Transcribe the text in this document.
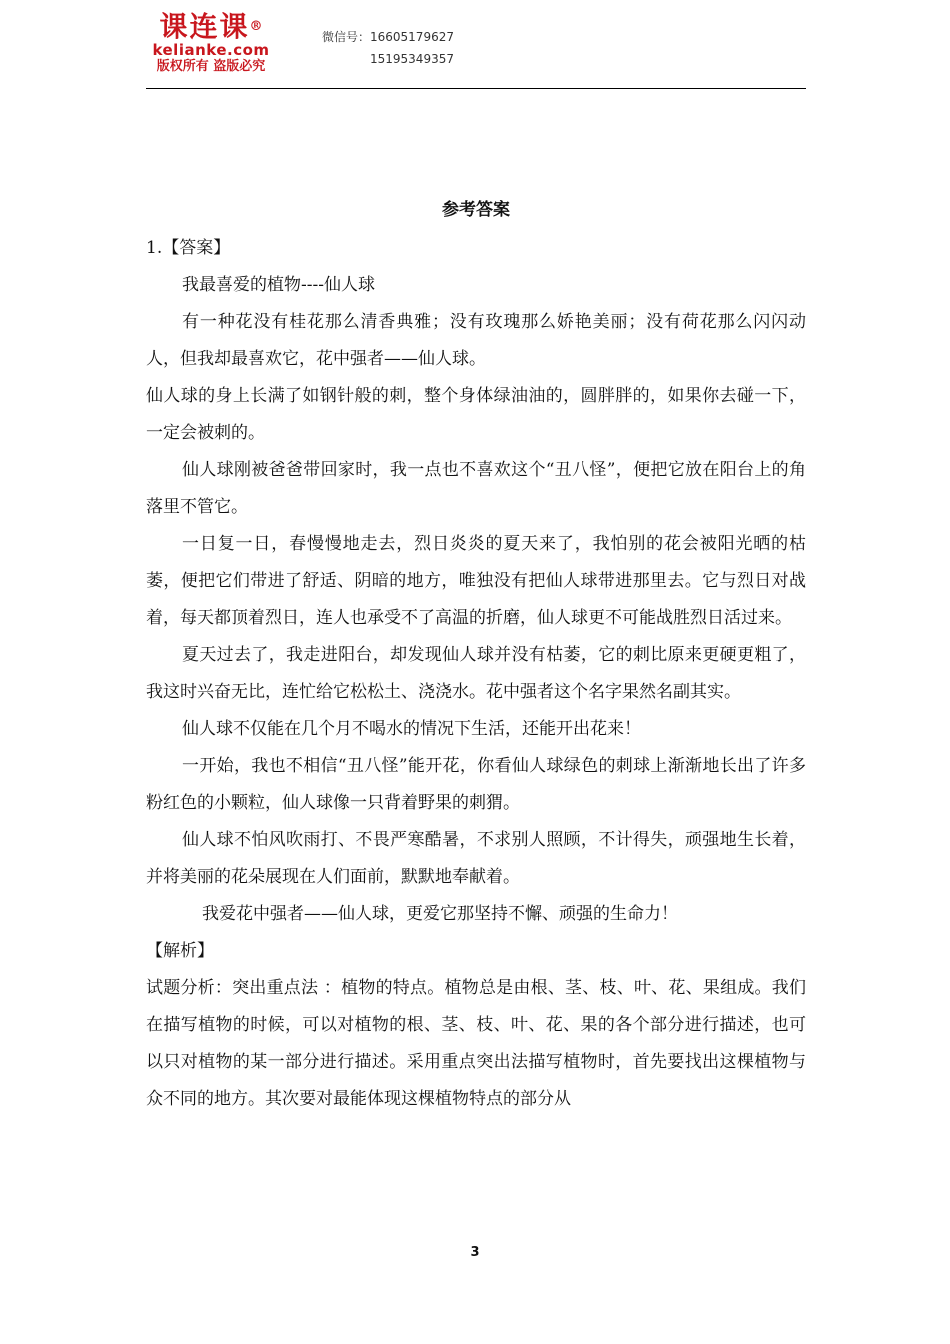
课连课®
kelianke.com
版权所有 盗版必究
微信号：16605179627
15195349357
参考答案

1.【答案】

我最喜爱的植物----仙人球

有一种花没有桂花那么清香典雅；没有玫瑰那么娇艳美丽；没有荷花那么闪闪动人，但我却最喜欢它，花中强者——仙人球。

仙人球的身上长满了如钢针般的刺，整个身体绿油油的，圆胖胖的，如果你去碰一下，一定会被刺的。

仙人球刚被爸爸带回家时，我一点也不喜欢这个“丑八怪”，便把它放在阳台上的角落里不管它。

一日复一日，春慢慢地走去，烈日炎炎的夏天来了，我怕别的花会被阳光晒的枯萎，便把它们带进了舒适、阴暗的地方，唯独没有把仙人球带进那里去。它与烈日对战着，每天都顶着烈日，连人也承受不了高温的折磨，仙人球更不可能战胜烈日活过来。

夏天过去了，我走进阳台，却发现仙人球并没有枯萎，它的刺比原来更硬更粗了，我这时兴奋无比，连忙给它松松土、浇浇水。花中强者这个名字果然名副其实。

仙人球不仅能在几个月不喝水的情况下生活，还能开出花来！

一开始，我也不相信“丑八怪”能开花，你看仙人球绿色的刺球上渐渐地长出了许多粉红色的小颗粒，仙人球像一只背着野果的刺猬。

仙人球不怕风吹雨打、不畏严寒酷暑，不求别人照顾，不计得失，顽强地生长着，并将美丽的花朵展现在人们面前，默默地奉献着。

我爱花中强者——仙人球，更爱它那坚持不懈、顽强的生命力！

【解析】

试题分析：突出重点法 ：植物的特点。植物总是由根、茎、枝、叶、花、果组成。我们在描写植物的时候，可以对植物的根、茎、枝、叶、花、果的各个部分进行描述，也可以只对植物的某一部分进行描述。采用重点突出法描写植物时，首先要找出这棵植物与众不同的地方。其次要对最能体现这棵植物特点的部分从

3
